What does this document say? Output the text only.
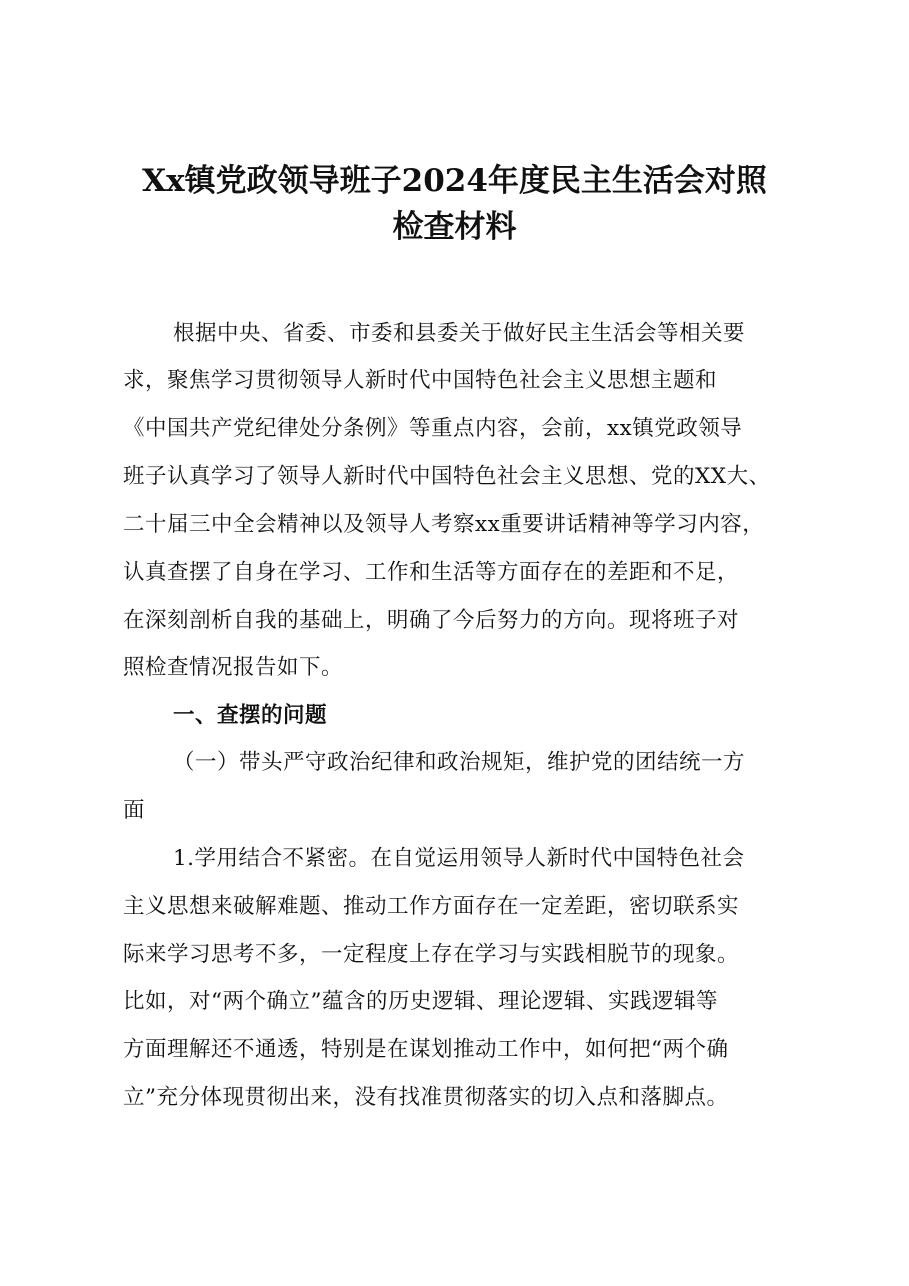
Xx镇党政领导班子2024年度民主生活会对照
检查材料
根据中央、省委、市委和县委关于做好民主生活会等相关要
求，聚焦学习贯彻领导人新时代中国特色社会主义思想主题和
《中国共产党纪律处分条例》等重点内容，会前，xx镇党政领导
班子认真学习了领导人新时代中国特色社会主义思想、党的XX大、
二十届三中全会精神以及领导人考察xx重要讲话精神等学习内容，
认真查摆了自身在学习、工作和生活等方面存在的差距和不足，
在深刻剖析自我的基础上，明确了今后努力的方向。现将班子对
照检查情况报告如下。
一、查摆的问题
（一）带头严守政治纪律和政治规矩，维护党的团结统一方
面
1.学用结合不紧密。在自觉运用领导人新时代中国特色社会
主义思想来破解难题、推动工作方面存在一定差距，密切联系实
际来学习思考不多，一定程度上存在学习与实践相脱节的现象。
比如，对“两个确立”蕴含的历史逻辑、理论逻辑、实践逻辑等
方面理解还不通透，特别是在谋划推动工作中，如何把“两个确
立”充分体现贯彻出来，没有找准贯彻落实的切入点和落脚点。
